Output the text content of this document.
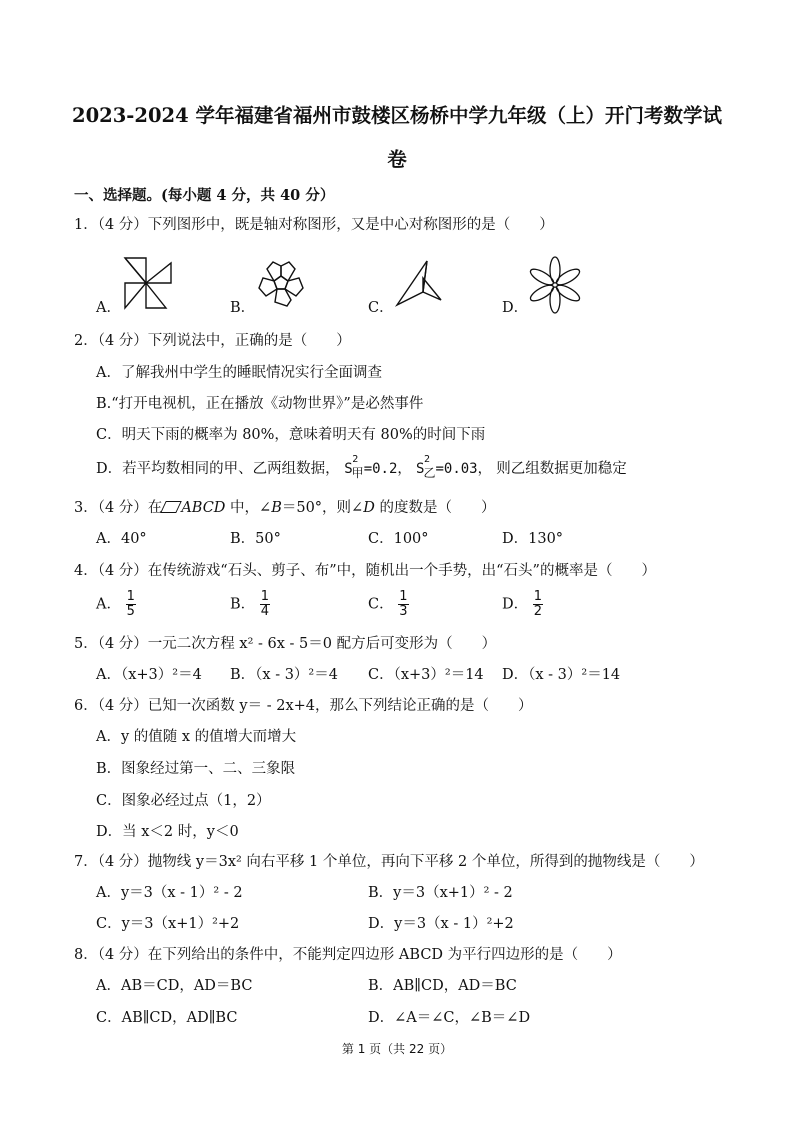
2023-2024 学年福建省福州市鼓楼区杨桥中学九年级（上）开门考数学试
卷
一、选择题。(每小题 4 分，共 40 分）
1．（4 分）下列图形中，既是轴对称图形，又是中心对称图形的是（　　）
A．	B．	C．	D．
2．（4 分）下列说法中，正确的是（　　）
A．了解我州中学生的睡眠情况实行全面调查
B.“打开电视机，正在播放《动物世界》”是必然事件
C．明天下雨的概率为 80%，意味着明天有 80%的时间下雨
D．若平均数相同的甲、乙两组数据， S
2
$_甲$=0.2， S
2
$_乙$=0.03， 则乙组数据更加稳定
3．（4 分）在 ABCD 中，∠B＝50°，则∠D 的度数是（　　）
A．40°	B．50°	C．100°	D．130°
4．（4 分）在传统游戏“石头、剪子、布”中，随机出一个手势，出“石头”的概率是（　　）
A． $\frac{1}{5}$	B． $\frac{1}{4}$	C． $\frac{1}{3}$	D． $\frac{1}{2}$
5．（4 分）一元二次方程 x² - 6x - 5＝0 配方后可变形为（　　）
A．（x+3）²＝4 B．（x - 3）²＝4 C．（x+3）²＝14 D．（x - 3）²＝14
6．（4 分）已知一次函数 y＝ - 2x+4，那么下列结论正确的是（　　）
A．y 的值随 x 的值增大而增大
B．图象经过第一、二、三象限
C．图象必经过点（1，2）
D．当 x＜2 时，y＜0
7．（4 分）抛物线 y＝3x² 向右平移 1 个单位，再向下平移 2 个单位，所得到的抛物线是（　　）
A．y＝3（x - 1）² - 2	B．y＝3（x+1）² - 2
C．y＝3（x+1）²+2	D．y＝3（x - 1）²+2
8．（4 分）在下列给出的条件中，不能判定四边形 ABCD 为平行四边形的是（　　）
A．AB＝CD，AD＝BC	B．AB∥CD，AD＝BC
C．AB∥CD，AD∥BC	D．∠A＝∠C，∠B＝∠D
第 1 页（共 22 页）
